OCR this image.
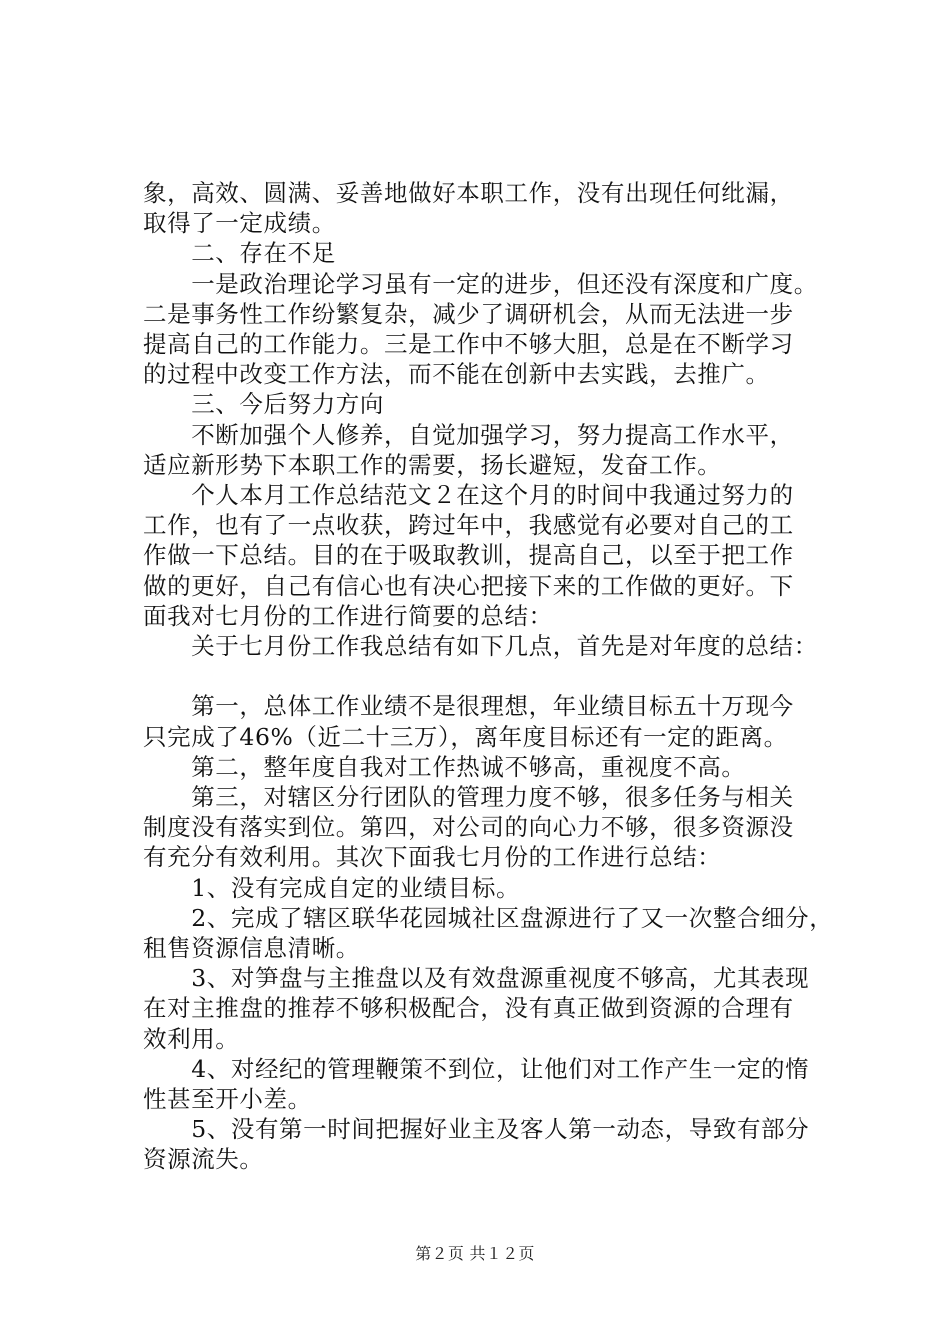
象，高效、圆满、妥善地做好本职工作，没有出现任何纰漏，
取得了一定成绩。
　　二、存在不足
　　一是政治理论学习虽有一定的进步，但还没有深度和广度。
二是事务性工作纷繁复杂，减少了调研机会，从而无法进一步
提高自己的工作能力。三是工作中不够大胆，总是在不断学习
的过程中改变工作方法，而不能在创新中去实践，去推广。
　　三、今后努力方向
　　不断加强个人修养，自觉加强学习，努力提高工作水平，
适应新形势下本职工作的需要，扬长避短，发奋工作。
　　个人本月工作总结范文２在这个月的时间中我通过努力的
工作，也有了一点收获，跨过年中，我感觉有必要对自己的工
作做一下总结。目的在于吸取教训，提高自己，以至于把工作
做的更好，自己有信心也有决心把接下来的工作做的更好。下
面我对七月份的工作进行简要的总结：
　　关于七月份工作我总结有如下几点，首先是对年度的总结：
　　第一，总体工作业绩不是很理想，年业绩目标五十万现今
只完成了46%（近二十三万），离年度目标还有一定的距离。
　　第二，整年度自我对工作热诚不够高，重视度不高。
　　第三，对辖区分行团队的管理力度不够，很多任务与相关
制度没有落实到位。第四，对公司的向心力不够，很多资源没
有充分有效利用。其次下面我七月份的工作进行总结：
　　1、没有完成自定的业绩目标。
　　2、完成了辖区联华花园城社区盘源进行了又一次整合细分，
租售资源信息清晰。
　　3、对笋盘与主推盘以及有效盘源重视度不够高，尤其表现
在对主推盘的推荐不够积极配合，没有真正做到资源的合理有
效利用。
　　4、对经纪的管理鞭策不到位，让他们对工作产生一定的惰
性甚至开小差。
　　5、没有第一时间把握好业主及客人第一动态，导致有部分
资源流失。
第２页 共１２页
